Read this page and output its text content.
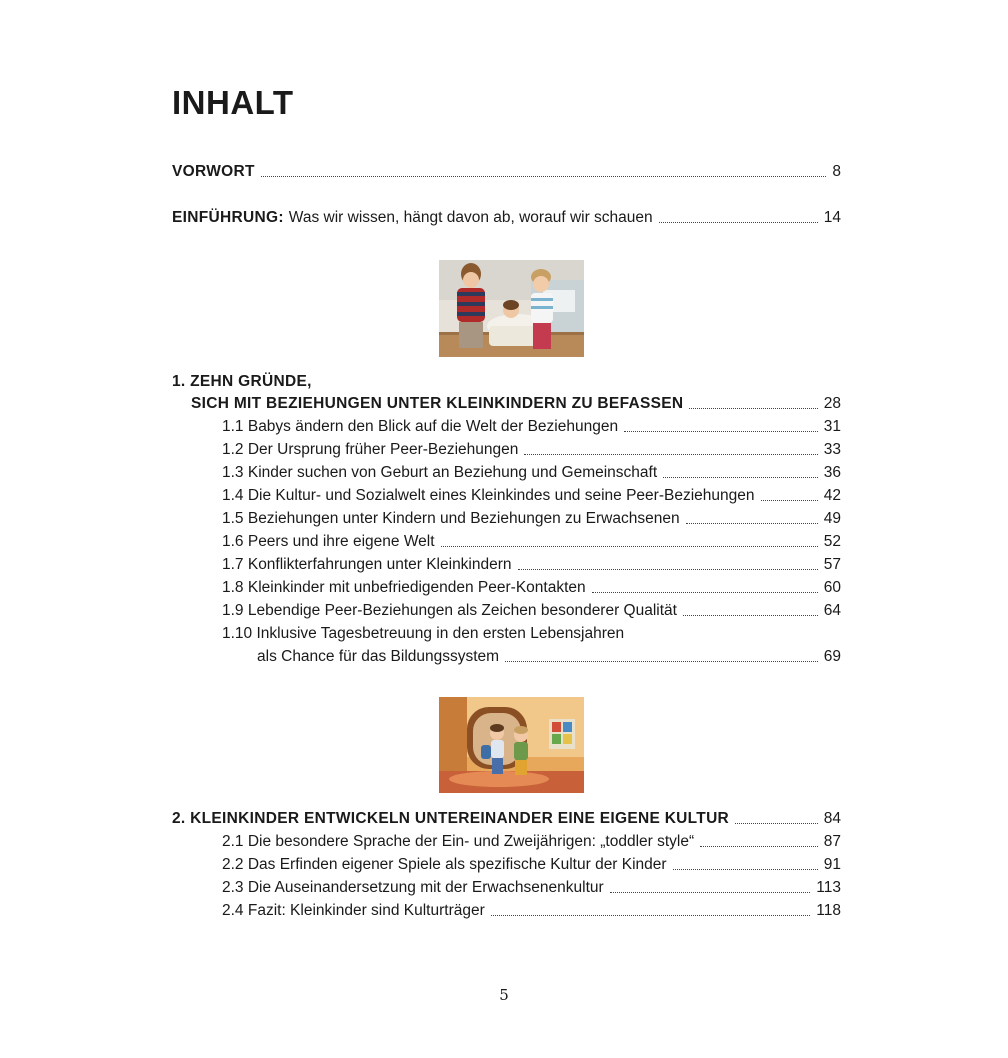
INHALT
VORWORT	8
EINFÜHRUNG: Was wir wissen, hängt davon ab, worauf wir schauen	14
1. ZEHN GRÜNDE,
SICH MIT BEZIEHUNGEN UNTER KLEINKINDERN ZU BEFASSEN	28
1.1 Babys ändern den Blick auf die Welt der Beziehungen	31
1.2 Der Ursprung früher Peer-Beziehungen	33
1.3 Kinder suchen von Geburt an Beziehung und Gemeinschaft	36
1.4 Die Kultur- und Sozialwelt eines Kleinkindes und seine Peer-Beziehungen	42
1.5 Beziehungen unter Kindern und Beziehungen zu Erwachsenen	49
1.6 Peers und ihre eigene Welt	52
1.7 Konflikterfahrungen unter Kleinkindern	57
1.8 Kleinkinder mit unbefriedigenden Peer-Kontakten	60
1.9 Lebendige Peer-Beziehungen als Zeichen besonderer Qualität	64
1.10 Inklusive Tagesbetreuung in den ersten Lebensjahren
als Chance für das Bildungssystem	69
2. KLEINKINDER ENTWICKELN UNTEREINANDER EINE EIGENE KULTUR	84
2.1 Die besondere Sprache der Ein- und Zweijährigen: „toddler style“	87
2.2 Das Erfinden eigener Spiele als spezifische Kultur der Kinder	91
2.3 Die Auseinandersetzung mit der Erwachsenenkultur	113
2.4 Fazit: Kleinkinder sind Kulturträger	118
5
